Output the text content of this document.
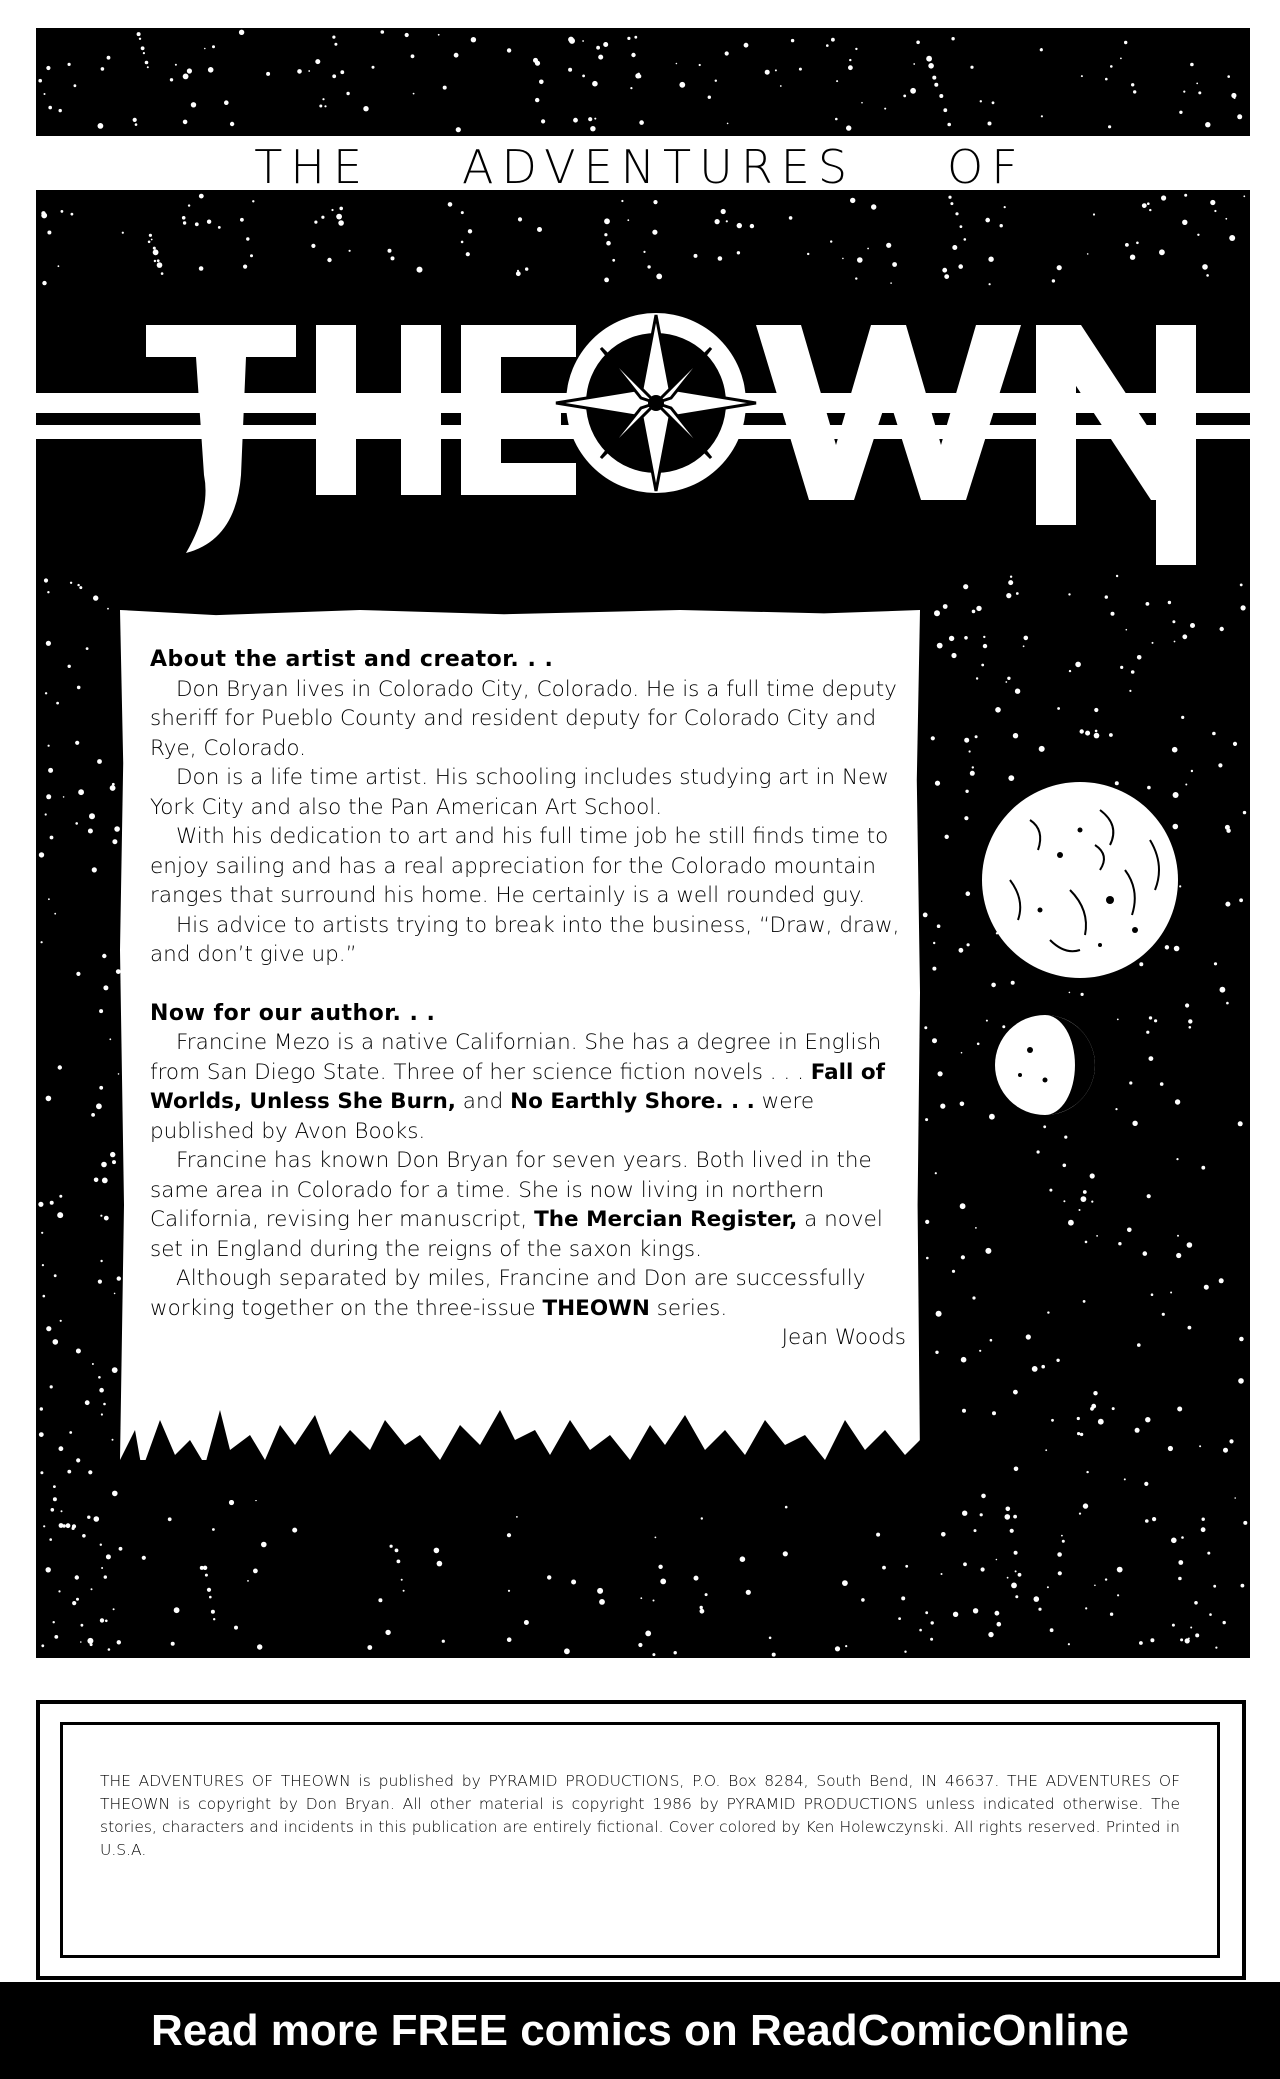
THE ADVENTURES OF
About the artist and creator. . .

Don Bryan lives in Colorado City, Colorado. He is a full time deputy sheriff for Pueblo County and resident deputy for Colorado City and Rye, Colorado.

Don is a life time artist. His schooling includes studying art in New York City and also the Pan American Art School.

With his dedication to art and his full time job he still finds time to enjoy sailing and has a real appreciation for the Colorado mountain ranges that surround his home. He certainly is a well rounded guy.

His advice to artists trying to break into the business, “Draw, draw, and don’t give up.”

Now for our author. . .

Francine Mezo is a native Californian. She has a degree in English from San Diego State. Three of her science fiction novels . . . Fall of Worlds, Unless She Burn, and No Earthly Shore. . . were published by Avon Books.

Francine has known Don Bryan for seven years. Both lived in the same area in Colorado for a time. She is now living in northern California, revising her manuscript, The Mercian Register, a novel set in England during the reigns of the saxon kings.

Although separated by miles, Francine and Don are successfully working together on the three-issue THEOWN series.

Jean Woods
THE ADVENTURES OF THEOWN is published by PYRAMID PRODUCTIONS, P.O. Box 8284, South Bend, IN 46637. THE ADVENTURES OF THEOWN is copyright by Don Bryan. All other material is copyright 1986 by PYRAMID PRODUCTIONS unless indicated otherwise. The stories, characters and incidents in this publication are entirely fictional. Cover colored by Ken Holewczynski. All rights reserved. Printed in U.S.A.
Read more FREE comics on ReadComicOnline
